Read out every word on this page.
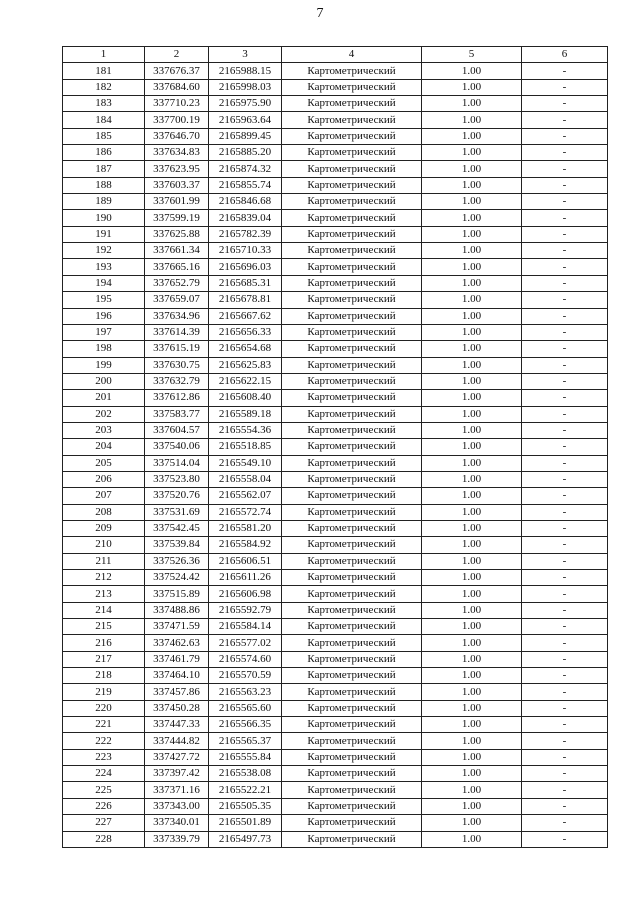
7
1	2	3	4	5	6
181	337676.37	2165988.15	Картометрический	1.00	-
182	337684.60	2165998.03	Картометрический	1.00	-
183	337710.23	2165975.90	Картометрический	1.00	-
184	337700.19	2165963.64	Картометрический	1.00	-
185	337646.70	2165899.45	Картометрический	1.00	-
186	337634.83	2165885.20	Картометрический	1.00	-
187	337623.95	2165874.32	Картометрический	1.00	-
188	337603.37	2165855.74	Картометрический	1.00	-
189	337601.99	2165846.68	Картометрический	1.00	-
190	337599.19	2165839.04	Картометрический	1.00	-
191	337625.88	2165782.39	Картометрический	1.00	-
192	337661.34	2165710.33	Картометрический	1.00	-
193	337665.16	2165696.03	Картометрический	1.00	-
194	337652.79	2165685.31	Картометрический	1.00	-
195	337659.07	2165678.81	Картометрический	1.00	-
196	337634.96	2165667.62	Картометрический	1.00	-
197	337614.39	2165656.33	Картометрический	1.00	-
198	337615.19	2165654.68	Картометрический	1.00	-
199	337630.75	2165625.83	Картометрический	1.00	-
200	337632.79	2165622.15	Картометрический	1.00	-
201	337612.86	2165608.40	Картометрический	1.00	-
202	337583.77	2165589.18	Картометрический	1.00	-
203	337604.57	2165554.36	Картометрический	1.00	-
204	337540.06	2165518.85	Картометрический	1.00	-
205	337514.04	2165549.10	Картометрический	1.00	-
206	337523.80	2165558.04	Картометрический	1.00	-
207	337520.76	2165562.07	Картометрический	1.00	-
208	337531.69	2165572.74	Картометрический	1.00	-
209	337542.45	2165581.20	Картометрический	1.00	-
210	337539.84	2165584.92	Картометрический	1.00	-
211	337526.36	2165606.51	Картометрический	1.00	-
212	337524.42	2165611.26	Картометрический	1.00	-
213	337515.89	2165606.98	Картометрический	1.00	-
214	337488.86	2165592.79	Картометрический	1.00	-
215	337471.59	2165584.14	Картометрический	1.00	-
216	337462.63	2165577.02	Картометрический	1.00	-
217	337461.79	2165574.60	Картометрический	1.00	-
218	337464.10	2165570.59	Картометрический	1.00	-
219	337457.86	2165563.23	Картометрический	1.00	-
220	337450.28	2165565.60	Картометрический	1.00	-
221	337447.33	2165566.35	Картометрический	1.00	-
222	337444.82	2165565.37	Картометрический	1.00	-
223	337427.72	2165555.84	Картометрический	1.00	-
224	337397.42	2165538.08	Картометрический	1.00	-
225	337371.16	2165522.21	Картометрический	1.00	-
226	337343.00	2165505.35	Картометрический	1.00	-
227	337340.01	2165501.89	Картометрический	1.00	-
228	337339.79	2165497.73	Картометрический	1.00	-
